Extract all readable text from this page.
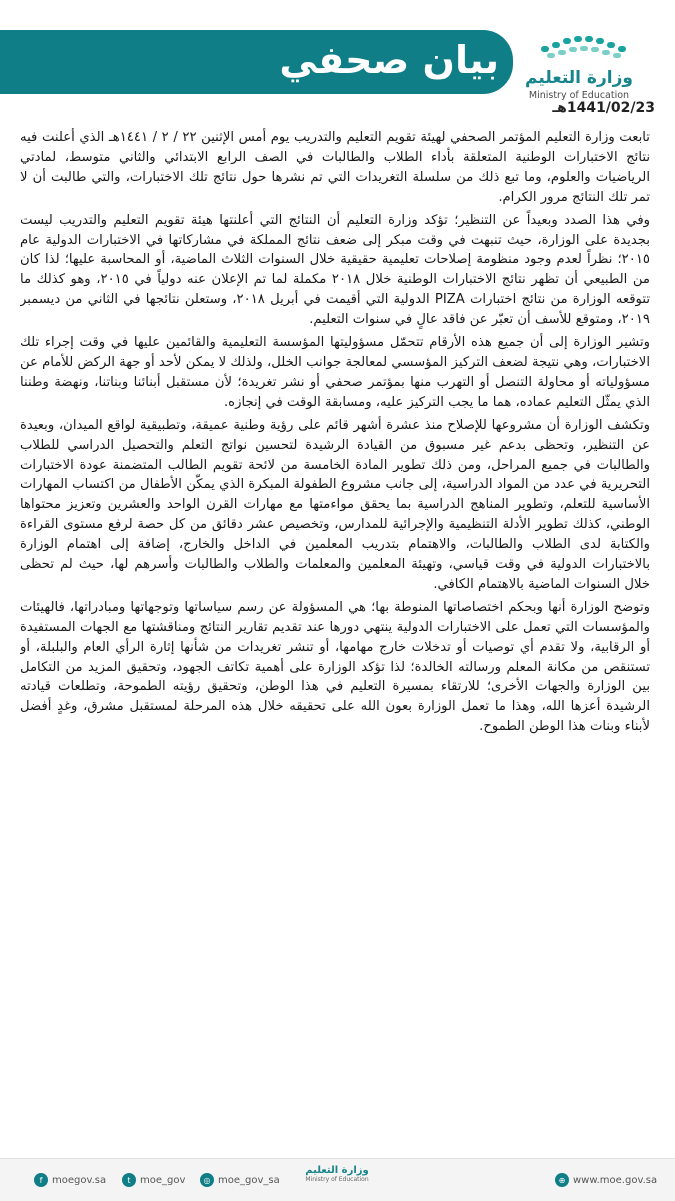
بيان صحفي	وزارة التعليم
Ministry of Education
1441/02/23هـ

تابعت وزارة التعليم المؤتمر الصحفي لهيئة تقويم التعليم والتدريب يوم أمس الإثنين ٢٢ / ٢ / ١٤٤١هـ الذي أعلنت فيه نتائج الاختبارات الوطنية المتعلقة بأداء الطلاب والطالبات في الصف الرابع الابتدائي والثاني متوسط، لمادتي الرياضيات والعلوم، وما تبع ذلك من سلسلة التغريدات التي تم نشرها حول نتائج تلك الاختبارات، والتي طالبت أن لا تمر تلك النتائج مرور الكرام.

وفي هذا الصدد وبعيداً عن التنظير؛ تؤكد وزارة التعليم أن النتائج التي أعلنتها هيئة تقويم التعليم والتدريب ليست بجديدة على الوزارة، حيث تنبهت في وقت مبكر إلى ضعف نتائج المملكة في مشاركاتها في الاختبارات الدولية عام ٢٠١٥؛ نظراً لعدم وجود منظومة إصلاحات تعليمية حقيقية خلال السنوات الثلاث الماضية، أو المحاسبة عليها؛ لذا كان من الطبيعي أن تظهر نتائج الاختبارات الوطنية خلال ٢٠١٨ مكملة لما تم الإعلان عنه دولياً في ٢٠١٥، وهو كذلك ما تتوقعه الوزارة من نتائج اختبارات PIZA الدولية التي أقيمت في أبريل ٢٠١٨، وستعلن نتائجها في الثاني من ديسمبر ٢٠١٩، ومتوقع للأسف أن تعبّر عن فاقد عالٍ في سنوات التعليم.

وتشير الوزارة إلى أن جميع هذه الأرقام تتحمّل مسؤوليتها المؤسسة التعليمية والقائمين عليها في وقت إجراء تلك الاختبارات، وهي نتيجة لضعف التركيز المؤسسي لمعالجة جوانب الخلل، ولذلك لا يمكن لأحد أو جهة الركض للأمام عن مسؤولياته أو محاولة التنصل أو التهرب منها بمؤتمر صحفي أو نشر تغريدة؛ لأن مستقبل أبنائنا وبناتنا، ونهضة وطننا الذي يمثّل التعليم عماده، هما ما يجب التركيز عليه، ومسابقة الوقت في إنجازه.

وتكشف الوزارة أن مشروعها للإصلاح منذ عشرة أشهر قائم على رؤية وطنية عميقة، وتطبيقية لواقع الميدان، وبعيدة عن التنظير، وتحظى بدعم غير مسبوق من القيادة الرشيدة لتحسين نواتج التعلم والتحصيل الدراسي للطلاب والطالبات في جميع المراحل، ومن ذلك تطوير المادة الخامسة من لائحة تقويم الطالب المتضمنة عودة الاختبارات التحريرية في عدد من المواد الدراسية، إلى جانب مشروع الطفولة المبكرة الذي يمكّن الأطفال من اكتساب المهارات الأساسية للتعلم، وتطوير المناهج الدراسية بما يحقق مواءمتها مع مهارات القرن الواحد والعشرين وتعزيز محتواها الوطني، كذلك تطوير الأدلة التنظيمية والإجرائية للمدارس، وتخصيص عشر دقائق من كل حصة لرفع مستوى القراءة والكتابة لدى الطلاب والطالبات، والاهتمام بتدريب المعلمين في الداخل والخارج، إضافة إلى اهتمام الوزارة بالاختبارات الدولية في وقت قياسي، وتهيئة المعلمين والمعلمات والطلاب والطالبات وأسرهم لها، حيث لم تحظى خلال السنوات الماضية بالاهتمام الكافي.

وتوضح الوزارة أنها وبحكم اختصاصاتها المنوطة بها؛ هي المسؤولة عن رسم سياساتها وتوجهاتها ومبادراتها، فالهيئات والمؤسسات التي تعمل على الاختبارات الدولية ينتهي دورها عند تقديم تقارير النتائج ومناقشتها مع الجهات المستفيدة أو الرقابية، ولا تقدم أي توصيات أو تدخلات خارج مهامها، أو تنشر تغريدات من شأنها إثارة الرأي العام والبلبلة، أو تستنقص من مكانة المعلم ورسالته الخالدة؛ لذا تؤكد الوزارة على أهمية تكاتف الجهود، وتحقيق المزيد من التكامل بين الوزارة والجهات الأخرى؛ للارتقاء بمسيرة التعليم في هذا الوطن، وتحقيق رؤيته الطموحة، وتطلعات قيادته الرشيدة أعزها الله، وهذا ما تعمل الوزارة بعون الله على تحقيقه خلال هذه المرحلة لمستقبل مشرق، وغدٍ أفضل لأبناء وبنات هذا الوطن الطموح.

f moegov.sa	t moe_gov	◎ moe_gov_sa
وزارة التعليم
Ministry of Education	⊕ www.moe.gov.sa
